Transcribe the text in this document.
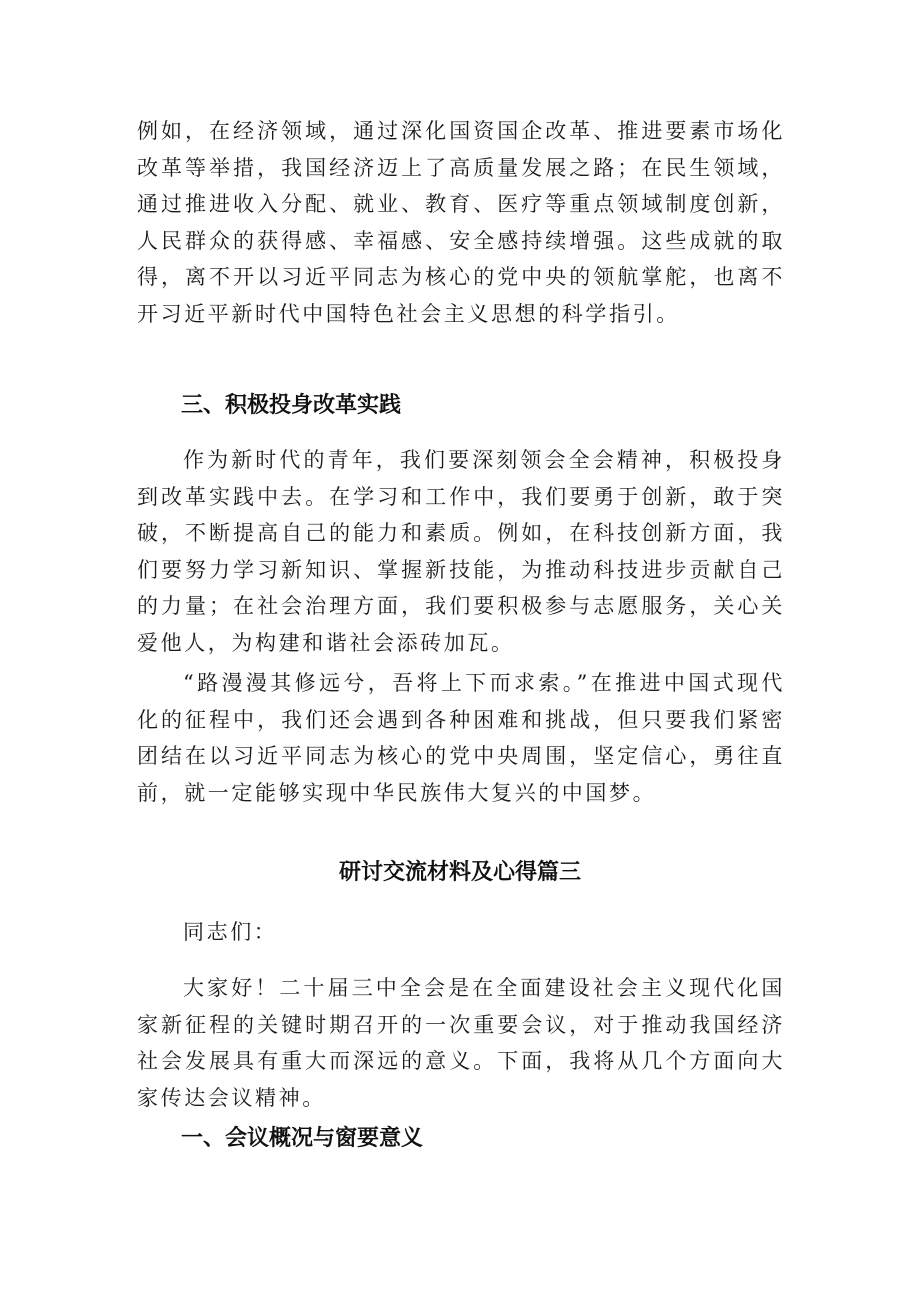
例如，在经济领域，通过深化国资国企改革、推进要素市场化改革等举措，我国经济迈上了高质量发展之路；在民生领域，通过推进收入分配、就业、教育、医疗等重点领域制度创新，人民群众的获得感、幸福感、安全感持续增强。这些成就的取得，离不开以习近平同志为核心的党中央的领航掌舵，也离不开习近平新时代中国特色社会主义思想的科学指引。

三、积极投身改革实践

作为新时代的青年，我们要深刻领会全会精神，积极投身到改革实践中去。在学习和工作中，我们要勇于创新，敢于突破，不断提高自己的能力和素质。例如，在科技创新方面，我们要努力学习新知识、掌握新技能，为推动科技进步贡献自己的力量；在社会治理方面，我们要积极参与志愿服务，关心关爱他人，为构建和谐社会添砖加瓦。

“路漫漫其修远兮，吾将上下而求索。”在推进中国式现代化的征程中，我们还会遇到各种困难和挑战，但只要我们紧密团结在以习近平同志为核心的党中央周围，坚定信心，勇往直前，就一定能够实现中华民族伟大复兴的中国梦。

研讨交流材料及心得篇三

同志们：

大家好！二十届三中全会是在全面建设社会主义现代化国家新征程的关键时期召开的一次重要会议，对于推动我国经济社会发展具有重大而深远的意义。下面，我将从几个方面向大家传达会议精神。

一、会议概况与窗要意义
